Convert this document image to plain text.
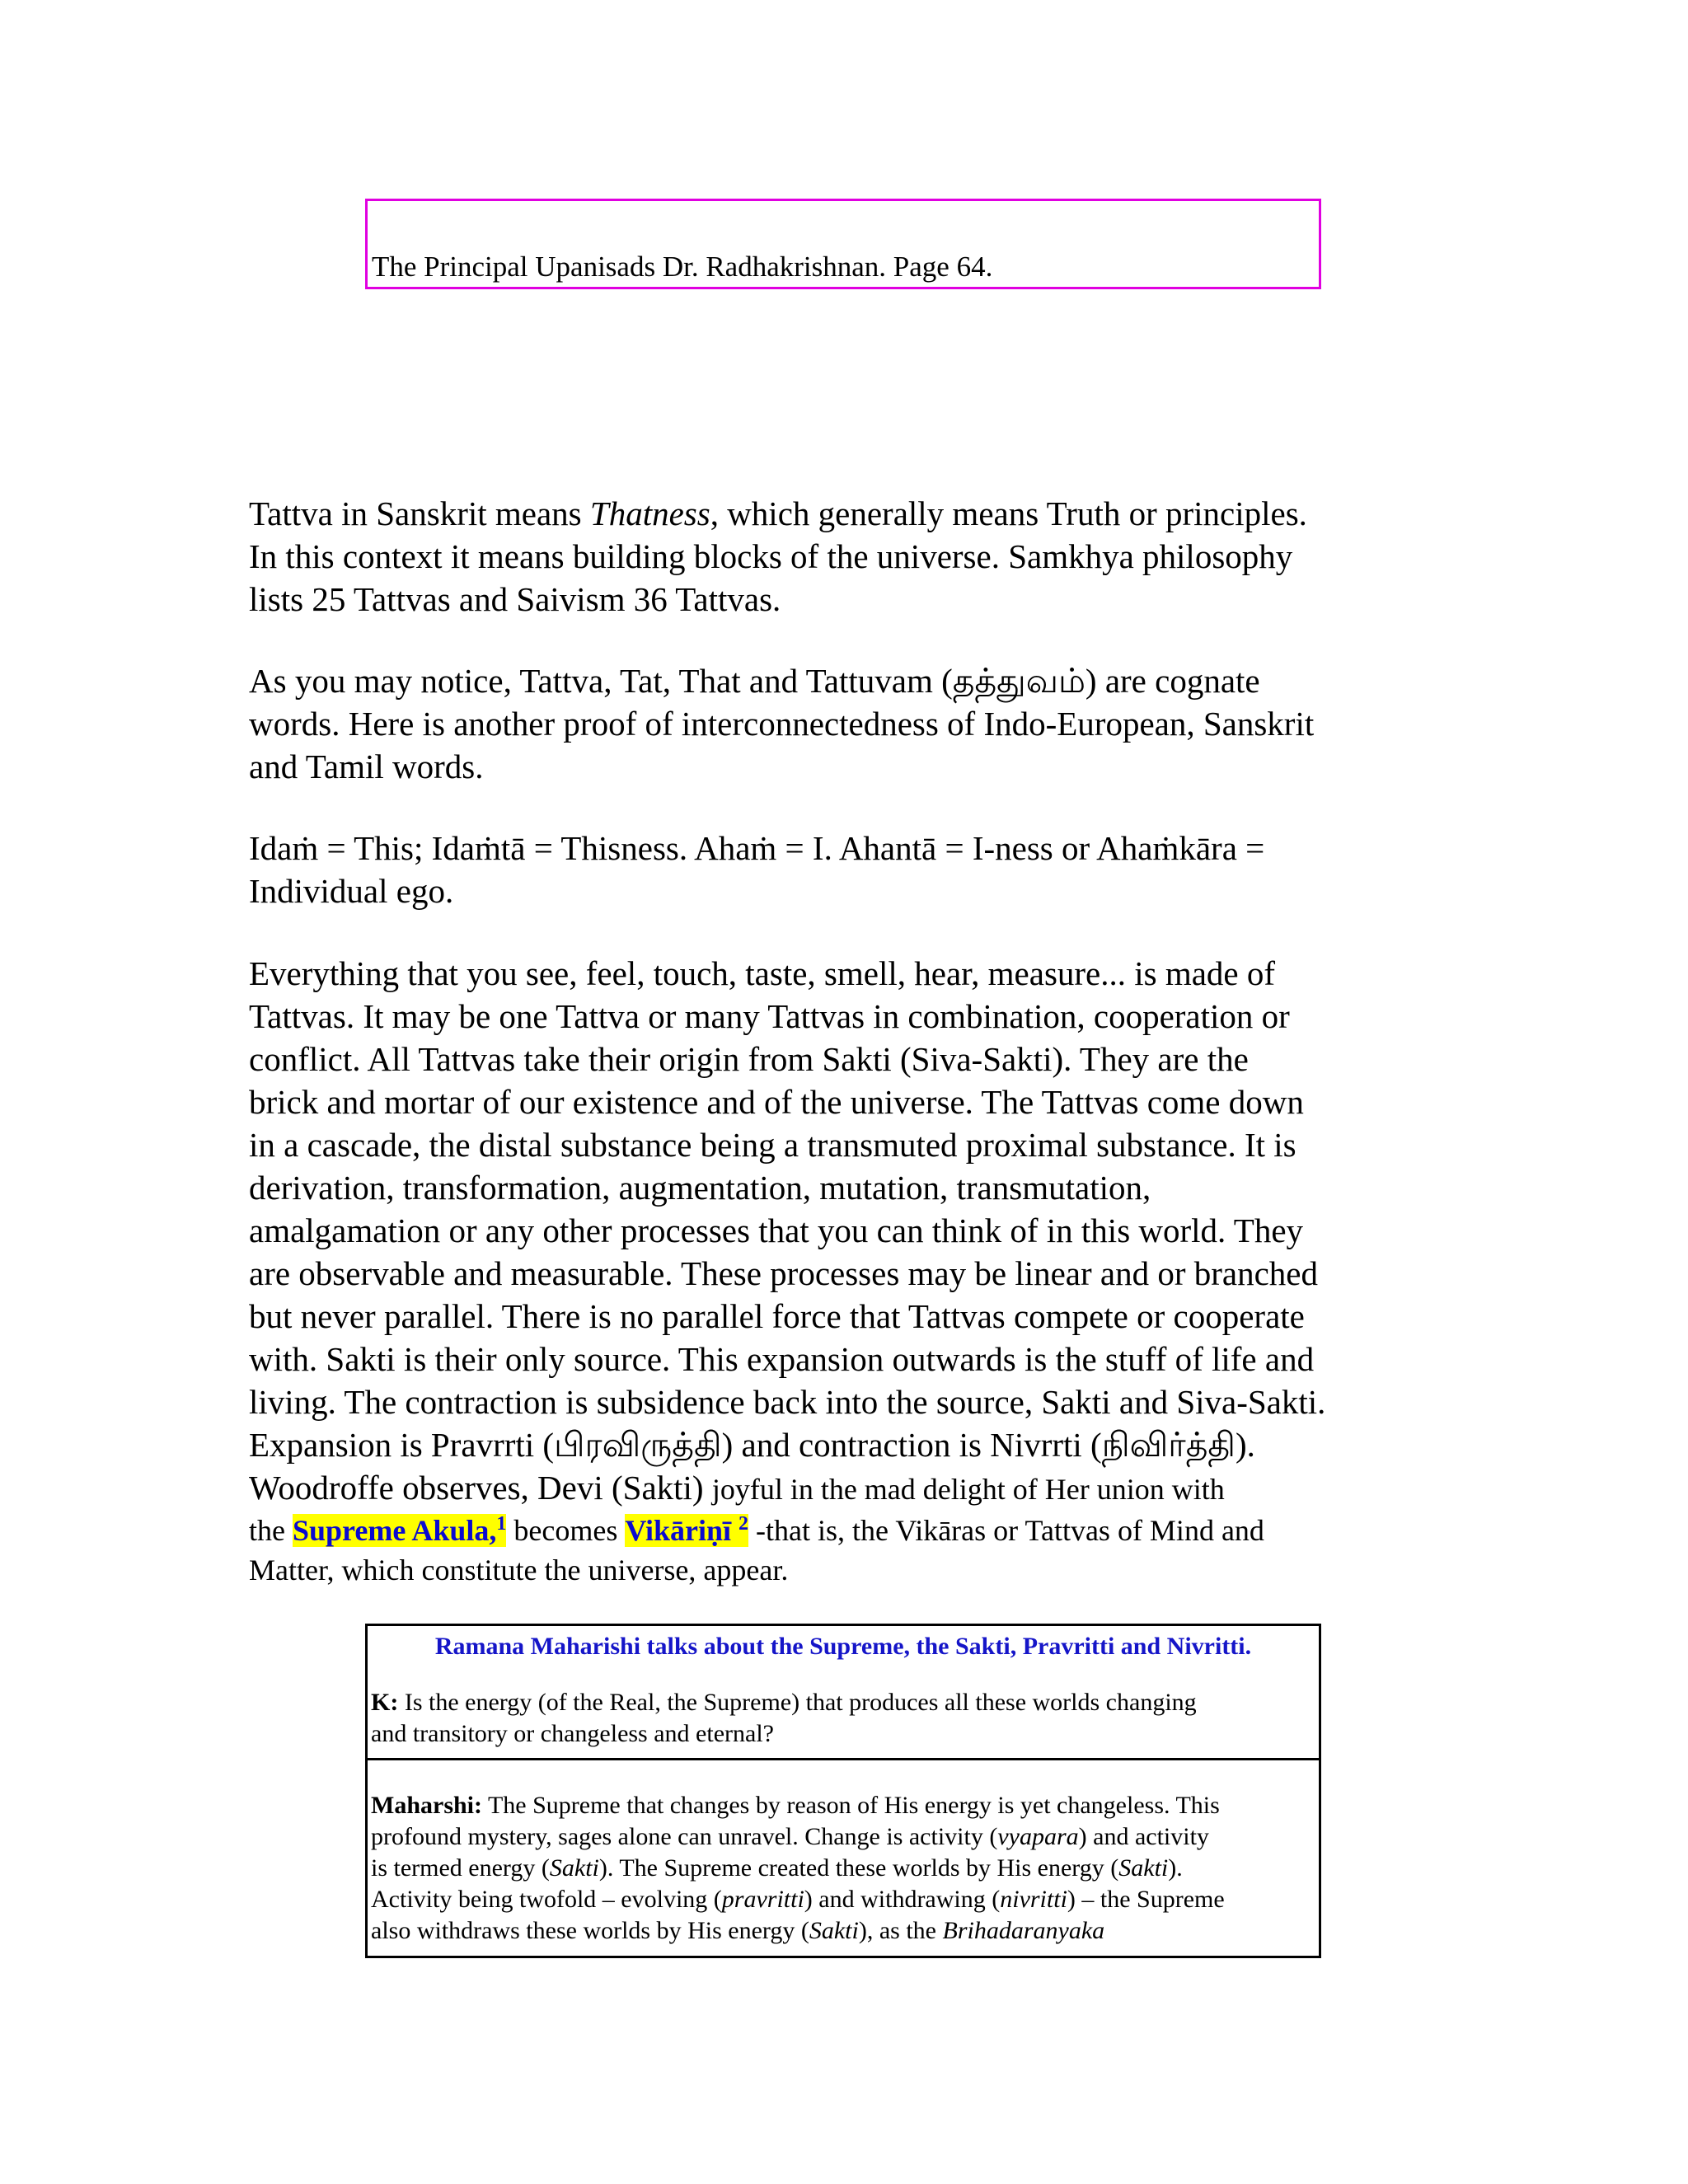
The Principal Upanisads Dr. Radhakrishnan. Page 64.

Tattva in Sanskrit means Thatness, which generally means Truth or principles.
In this context it means building blocks of the universe. Samkhya philosophy
lists 25 Tattvas and Saivism 36 Tattvas.

As you may notice, Tattva, Tat, That and Tattuvam (தத்துவம்) are cognate
words. Here is another proof of interconnectedness of Indo-European, Sanskrit
and Tamil words.

Idaṁ = This; Idaṁtā = Thisness. Ahaṁ = I. Ahantā = I-ness or Ahaṁkāra =
Individual ego.

Everything that you see, feel, touch, taste, smell, hear, measure... is made of
Tattvas. It may be one Tattva or many Tattvas in combination, cooperation or
conflict. All Tattvas take their origin from Sakti (Siva-Sakti). They are the
brick and mortar of our existence and of the universe. The Tattvas come down
in a cascade, the distal substance being a transmuted proximal substance. It is
derivation, transformation, augmentation, mutation, transmutation,
amalgamation or any other processes that you can think of in this world. They
are observable and measurable. These processes may be linear and or branched
but never parallel. There is no parallel force that Tattvas compete or cooperate
with. Sakti is their only source. This expansion outwards is the stuff of life and
living. The contraction is subsidence back into the source, Sakti and Siva-Sakti.
Expansion is Pravrrti (பிரவிருத்தி) and contraction is Nivrrti (நிவிர்த்தி).
Woodroffe observes, Devi (Sakti) joyful in the mad delight of Her union with
the Supreme Akula,$^1$ becomes Vikāriṇī $^2$ -that is, the Vikāras or Tattvas of Mind and
Matter, which constitute the universe, appear.

Ramana Maharishi talks about the Supreme, the Sakti, Pravritti and Nivritti.
K: Is the energy (of the Real, the Supreme) that produces all these worlds changing
and transitory or changeless and eternal?
Maharshi: The Supreme that changes by reason of His energy is yet changeless. This
profound mystery, sages alone can unravel. Change is activity (vyapara) and activity
is termed energy (Sakti). The Supreme created these worlds by His energy (Sakti).
Activity being twofold – evolving (pravritti) and withdrawing (nivritti) – the Supreme
also withdraws these worlds by His energy (Sakti), as the Brihadaranyaka
